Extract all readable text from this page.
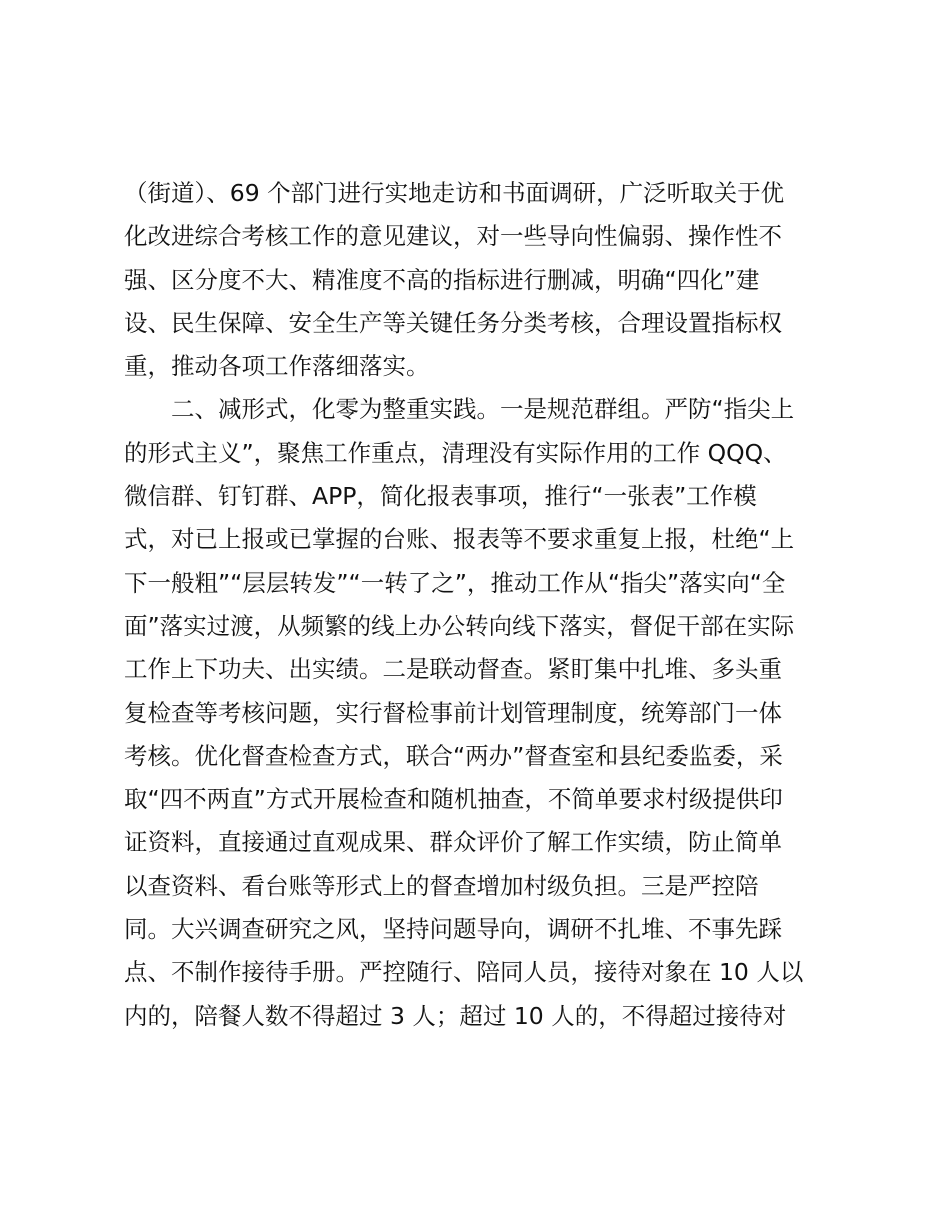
（街道）、69 个部门进行实地走访和书面调研，广泛听取关于优

化改进综合考核工作的意见建议，对一些导向性偏弱、操作性不

强、区分度不大、精准度不高的指标进行删减，明确“四化”建

设、民生保障、安全生产等关键任务分类考核，合理设置指标权

重，推动各项工作落细落实。

　　二、减形式，化零为整重实践。一是规范群组。严防“指尖上

的形式主义”，聚焦工作重点，清理没有实际作用的工作 QQQ、

微信群、钉钉群、APP，简化报表事项，推行“一张表”工作模

式，对已上报或已掌握的台账、报表等不要求重复上报，杜绝“上

下一般粗”“层层转发”“一转了之”，推动工作从“指尖”落实向“全

面”落实过渡，从频繁的线上办公转向线下落实，督促干部在实际

工作上下功夫、出实绩。二是联动督查。紧盯集中扎堆、多头重

复检查等考核问题，实行督检事前计划管理制度，统筹部门一体

考核。优化督查检查方式，联合“两办”督查室和县纪委监委，采

取“四不两直”方式开展检查和随机抽查，不简单要求村级提供印

证资料，直接通过直观成果、群众评价了解工作实绩，防止简单

以查资料、看台账等形式上的督查增加村级负担。三是严控陪

同。大兴调查研究之风，坚持问题导向，调研不扎堆、不事先踩

点、不制作接待手册。严控随行、陪同人员，接待对象在 10 人以

内的，陪餐人数不得超过 3 人；超过 10 人的，不得超过接待对
